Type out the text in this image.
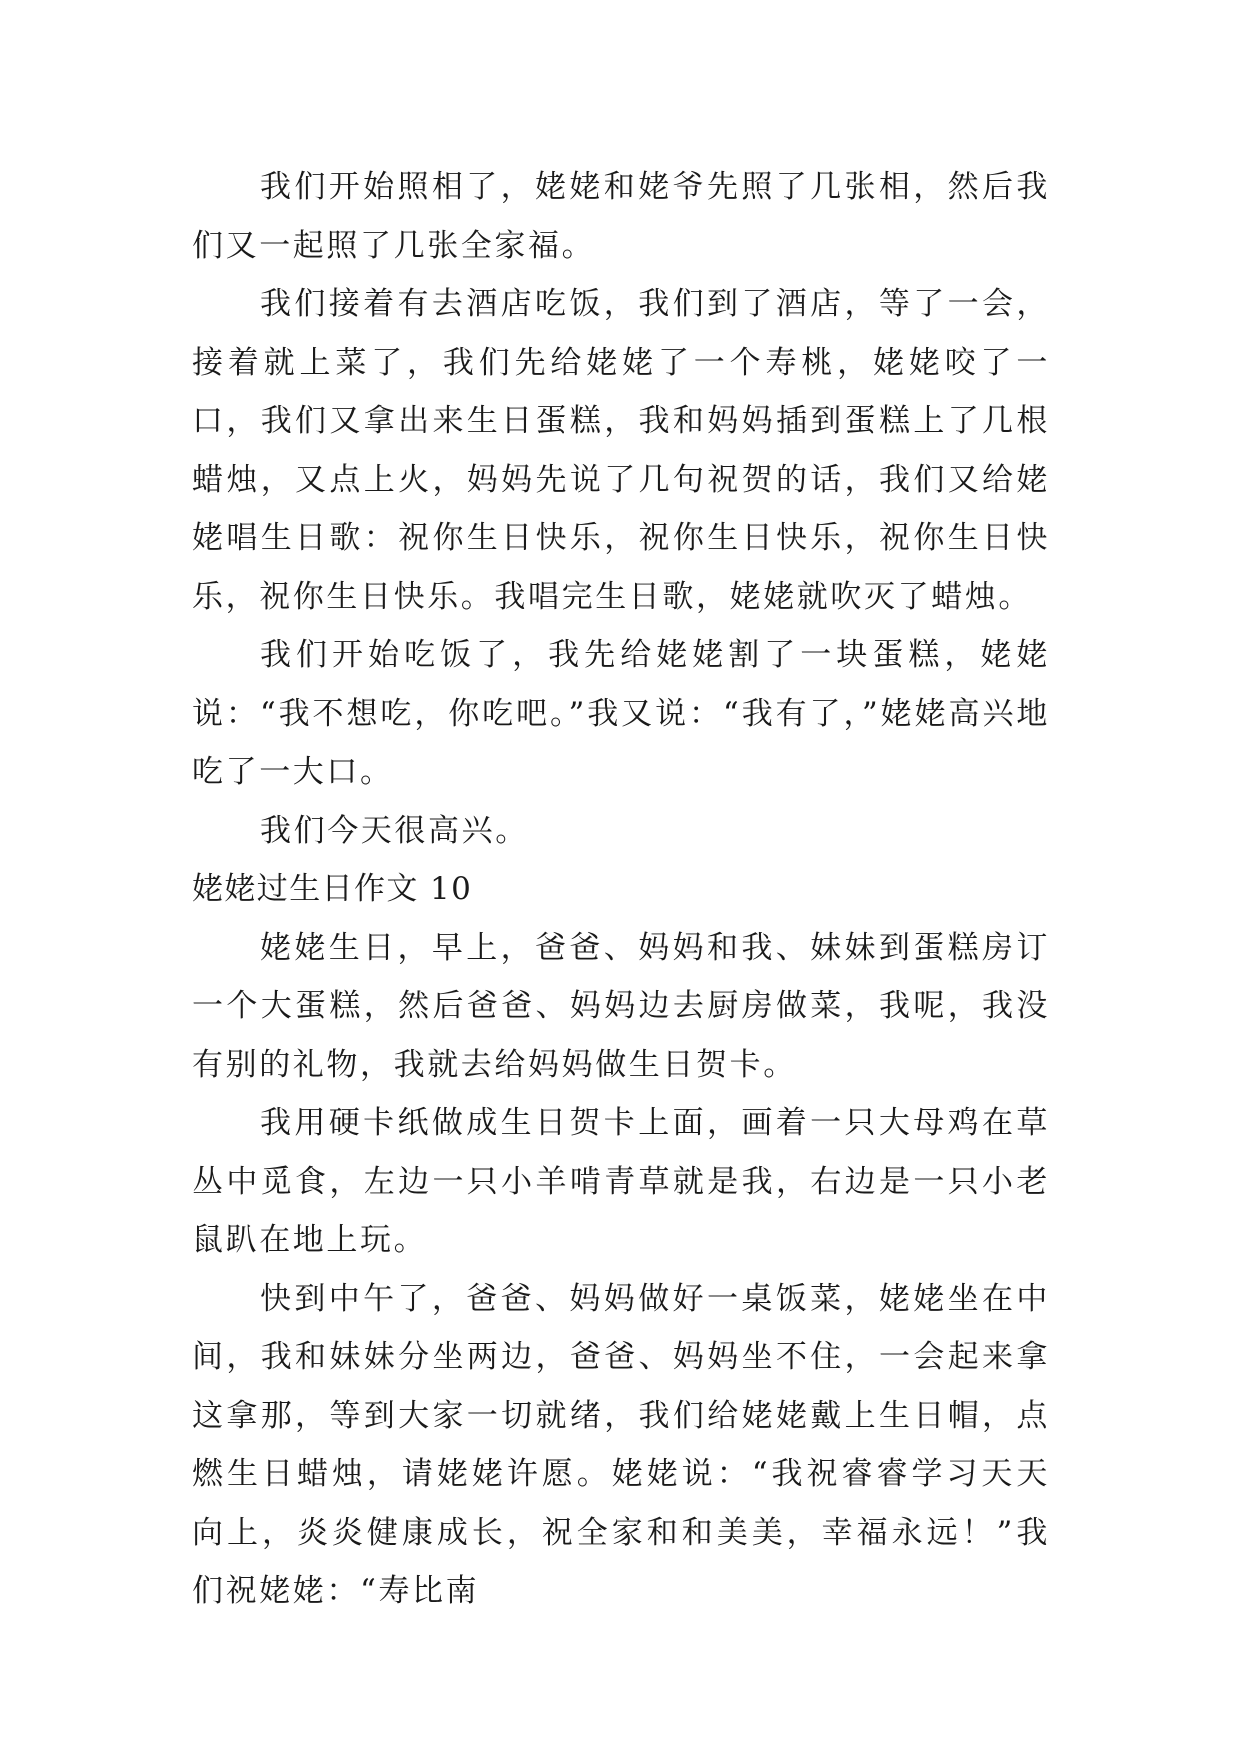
我们开始照相了，姥姥和姥爷先照了几张相，然后我们又一起照了几张全家福。

我们接着有去酒店吃饭，我们到了酒店，等了一会，接着就上菜了，我们先给姥姥了一个寿桃，姥姥咬了一口，我们又拿出来生日蛋糕，我和妈妈插到蛋糕上了几根蜡烛，又点上火，妈妈先说了几句祝贺的话，我们又给姥姥唱生日歌：祝你生日快乐，祝你生日快乐，祝你生日快乐，祝你生日快乐。我唱完生日歌，姥姥就吹灭了蜡烛。

我们开始吃饭了，我先给姥姥割了一块蛋糕，姥姥说：“我不想吃，你吃吧。”我又说：“我有了，”姥姥高兴地吃了一大口。

我们今天很高兴。

姥姥过生日作文 10

姥姥生日，早上，爸爸、妈妈和我、妹妹到蛋糕房订一个大蛋糕，然后爸爸、妈妈边去厨房做菜，我呢，我没有别的礼物，我就去给妈妈做生日贺卡。

我用硬卡纸做成生日贺卡上面，画着一只大母鸡在草丛中觅食，左边一只小羊啃青草就是我，右边是一只小老鼠趴在地上玩。

快到中午了，爸爸、妈妈做好一桌饭菜，姥姥坐在中间，我和妹妹分坐两边，爸爸、妈妈坐不住，一会起来拿这拿那，等到大家一切就绪，我们给姥姥戴上生日帽，点燃生日蜡烛，请姥姥许愿。姥姥说：“我祝睿睿学习天天向上，炎炎健康成长，祝全家和和美美，幸福永远！”我们祝姥姥：“寿比南
